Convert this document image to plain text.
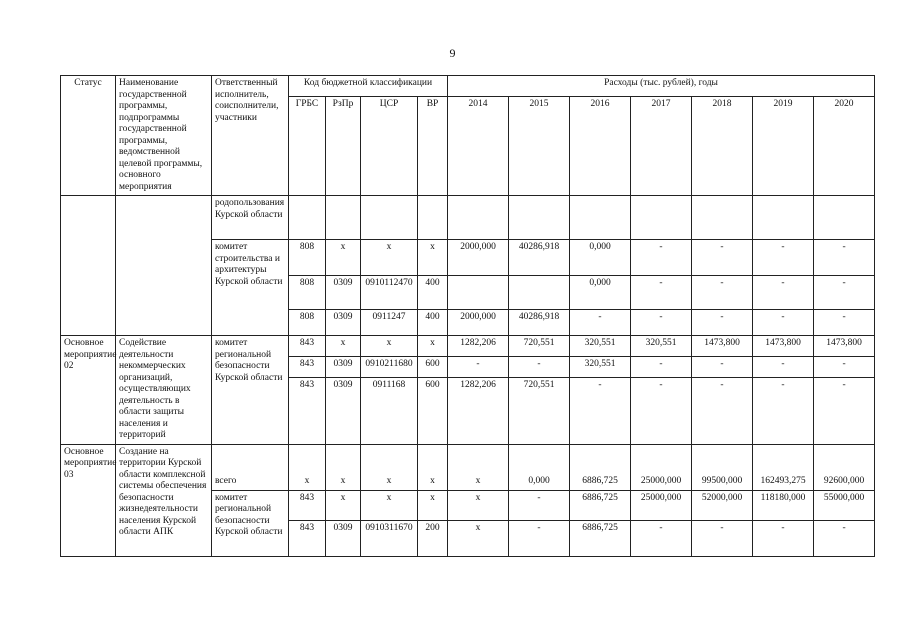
9
Статус	Наименование государственной программы, подпрограммы государственной программы, ведомственной целевой программы, основного мероприятия	Ответственный исполнитель, соисполнители, участники	Код бюджетной классификации				Расходы (тыс. рублей), годы						
			ГРБС	РзПр	ЦСР	ВР	2014	2015	2016	2017	2018	2019	2020
		родопользования Курской области											
		комитет строительства и архитектуры Курской области	808	х	х	х	2000,000	40286,918	0,000	-	-	-	-
			808	0309	0910112470	400			0,000	-	-	-	-
			808	0309	0911247	400	2000,000	40286,918	-	-	-	-	-
Основное мероприятие 02	Содействие деятельности некоммерческих организаций, осуществляющих деятельность в области защиты населения и территорий	комитет региональной безопасности Курской области	843	х	х	х	1282,206	720,551	320,551	320,551	1473,800	1473,800	1473,800
			843	0309	0910211680	600	-	-	320,551	-	-	-	-
			843	0309	0911168	600	1282,206	720,551	-	-	-	-	-
Основное мероприятие 03	Создание на территории Курской области комплексной системы обеспечения безопасности жизнедеятельности населения Курской области АПК	всего	х	х	х	х	х	0,000	6886,725	25000,000	99500,000	162493,275	92600,000
		комитет региональной безопасности Курской области	843	х	х	х	х	-	6886,725	25000,000	52000,000	118180,000	55000,000
			843	0309	0910311670	200	х	-	6886,725	-	-	-	-
